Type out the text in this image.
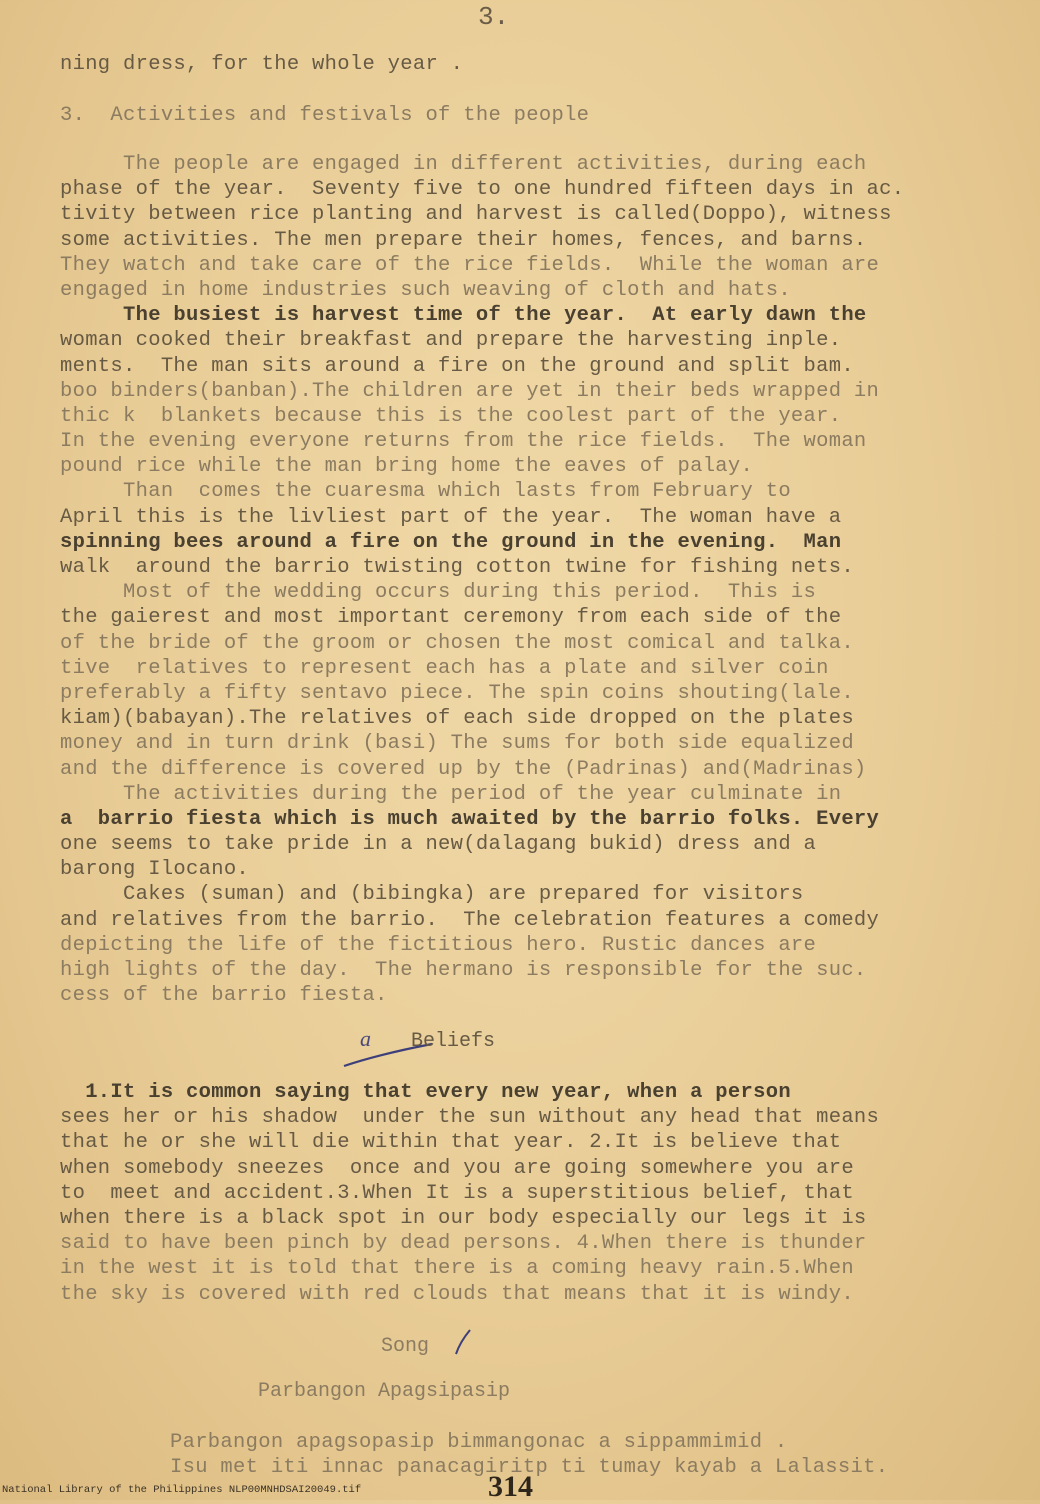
3.
ning dress, for the whole year .
3.  Activities and festivals of the people
The people are engaged in different activities, during each
phase of the year.  Seventy five to one hundred fifteen days in ac.
tivity between rice planting and harvest is called(Doppo), witness
some activities. The men prepare their homes, fences, and barns.
They watch and take care of the rice fields.  While the woman are
engaged in home industries such weaving of cloth and hats.
The busiest is harvest time of the year.  At early dawn the
woman cooked their breakfast and prepare the harvesting inple.
ments.  The man sits around a fire on the ground and split bam.
boo binders(banban).The children are yet in their beds wrapped in
thic k  blankets because this is the coolest part of the year.
In the evening everyone returns from the rice fields.  The woman
pound rice while the man bring home the eaves of palay.
Than  comes the cuaresma which lasts from February to
April this is the livliest part of the year.  The woman have a
spinning bees around a fire on the ground in the evening.  Man
walk  around the barrio twisting cotton twine for fishing nets.
Most of the wedding occurs during this period.  This is
the gaierest and most important ceremony from each side of the
of the bride of the groom or chosen the most comical and talka.
tive  relatives to represent each has a plate and silver coin
preferably a fifty sentavo piece. The spin coins shouting(lale.
kiam)(babayan).The relatives of each side dropped on the plates
money and in turn drink (basi) The sums for both side equalized
and the difference is covered up by the (Padrinas) and(Madrinas)
The activities during the period of the year culminate in
a  barrio fiesta which is much awaited by the barrio folks. Every
one seems to take pride in a new(dalagang bukid) dress and a
barong Ilocano.
Cakes (suman) and (bibingka) are prepared for visitors
and relatives from the barrio.  The celebration features a comedy
depicting the life of the fictitious hero. Rustic dances are
high lights of the day.  The hermano is responsible for the suc.
cess of the barrio fiesta.
a Beliefs
1.It is common saying that every new year, when a person
sees her or his shadow  under the sun without any head that means
that he or she will die within that year. 2.It is believe that
when somebody sneezes  once and you are going somewhere you are
to  meet and accident.3.When It is a superstitious belief, that
when there is a black spot in our body especially our legs it is
said to have been pinch by dead persons. 4.When there is thunder
in the west it is told that there is a coming heavy rain.5.When
the sky is covered with red clouds that means that it is windy.
Song
Parbangon Apagsipasip
Parbangon apagsopasip bimmangonac a sippammimid .
Isu met iti innac panacagiritp ti tumay kayab a Lalassit.
314
National Library of the Philippines NLP00MNHDSAI20049.tif
